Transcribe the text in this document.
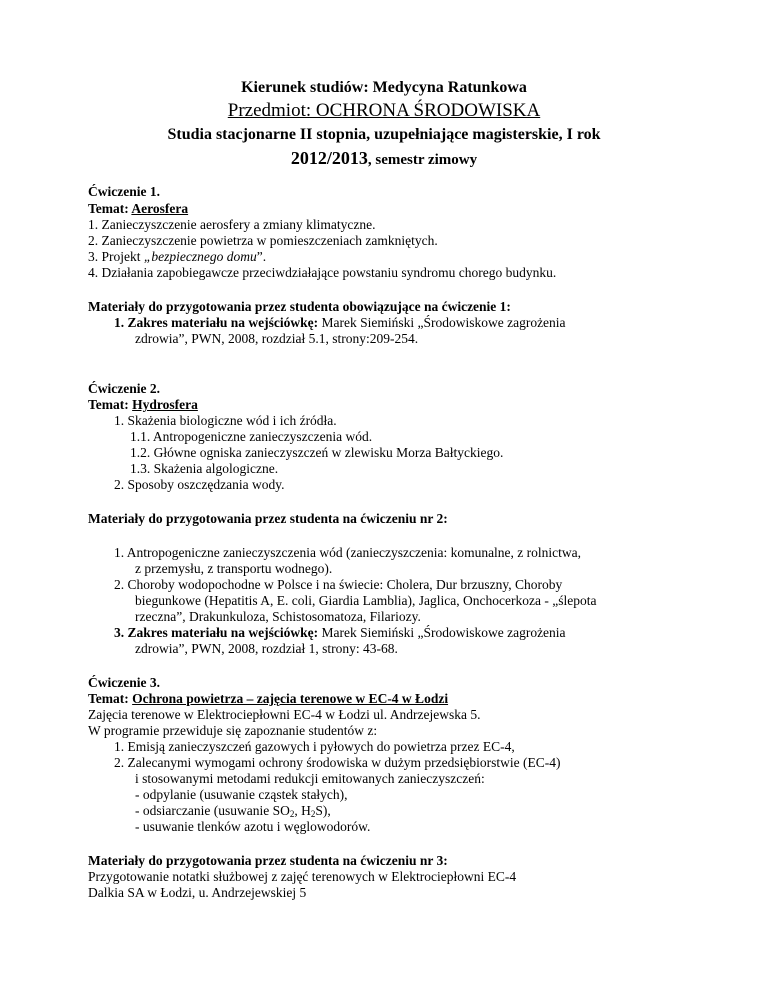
Kierunek studiów: Medycyna Ratunkowa
Przedmiot: OCHRONA ŚRODOWISKA
Studia stacjonarne II stopnia, uzupełniające magisterskie, I rok
2012/2013, semestr zimowy
Ćwiczenie 1.
Temat: Aerosfera
1. Zanieczyszczenie aerosfery a zmiany klimatyczne.
2. Zanieczyszczenie powietrza w pomieszczeniach zamkniętych.
3. Projekt „bezpiecznego domu”.
4. Działania zapobiegawcze przeciwdziałające powstaniu syndromu chorego budynku.
Materiały do przygotowania przez studenta obowiązujące na ćwiczenie 1:
1. Zakres materiału na wejściówkę: Marek Siemiński „Środowiskowe zagrożenia
zdrowia”, PWN, 2008, rozdział 5.1, strony:209-254.
Ćwiczenie 2.
Temat: Hydrosfera
1. Skażenia biologiczne wód i ich źródła.
1.1. Antropogeniczne zanieczyszczenia wód.
1.2. Główne ogniska zanieczyszczeń w zlewisku Morza Bałtyckiego.
1.3. Skażenia algologiczne.
2. Sposoby oszczędzania wody.
Materiały do przygotowania przez studenta na ćwiczeniu nr 2:
1. Antropogeniczne zanieczyszczenia wód (zanieczyszczenia: komunalne, z rolnictwa,
z przemysłu, z transportu wodnego).
2. Choroby wodopochodne w Polsce i na świecie: Cholera, Dur brzuszny, Choroby
biegunkowe (Hepatitis A, E. coli, Giardia Lamblia), Jaglica, Onchocerkoza - „ślepota
rzeczna”, Drakunkuloza, Schistosomatoza, Filariozy.
3. Zakres materiału na wejściówkę: Marek Siemiński „Środowiskowe zagrożenia
zdrowia”, PWN, 2008, rozdział 1, strony: 43-68.
Ćwiczenie 3.
Temat: Ochrona powietrza – zajęcia terenowe w EC-4 w Łodzi
Zajęcia terenowe w Elektrociepłowni EC-4 w Łodzi ul. Andrzejewska 5.
W programie przewiduje się zapoznanie studentów z:
1. Emisją zanieczyszczeń gazowych i pyłowych do powietrza przez EC-4,
2. Zalecanymi wymogami ochrony środowiska w dużym przedsiębiorstwie (EC-4)
i stosowanymi metodami redukcji emitowanych zanieczyszczeń:
- odpylanie (usuwanie cząstek stałych),
- odsiarczanie (usuwanie $SO_2$, $H_2S$),
- usuwanie tlenków azotu i węglowodorów.
Materiały do przygotowania przez studenta na ćwiczeniu nr 3:
Przygotowanie notatki służbowej z zajęć terenowych w Elektrociepłowni EC-4
Dalkia SA w Łodzi, u. Andrzejewskiej 5
